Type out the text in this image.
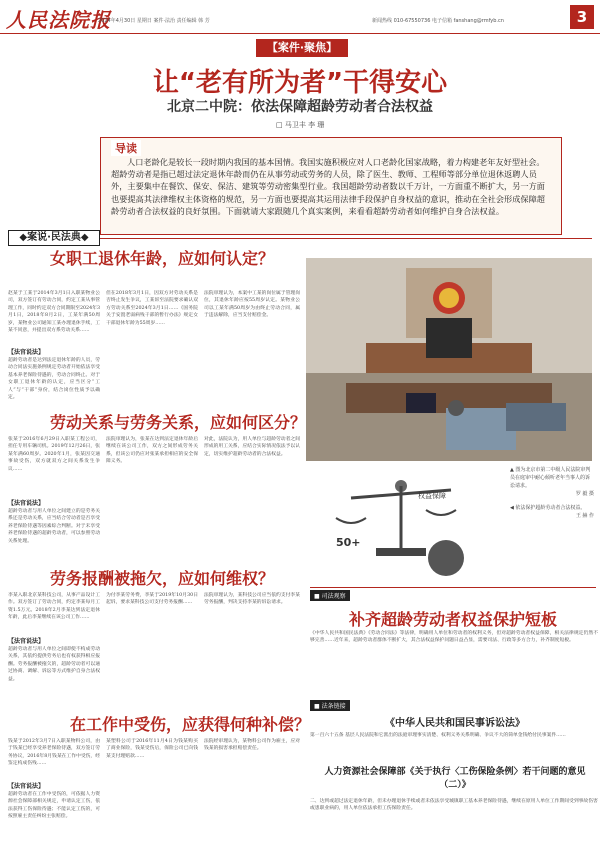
人民法院报
2024年4月30日 星期日 案件·法治 责任编辑 韩 芳	新闻热线 010-67550736 电子信箱 fanshang@rmfyb.cn	3
【案件·聚焦】
让“老有所为者”干得安心
北京二中院：依法保障超龄劳动者合法权益
□ 马卫丰 李 珊
导读
人口老龄化是较长一段时期内我国的基本国情。我国实施积极应对人口老龄化国家战略，着力构建老年友好型社会。超龄劳动者是指已超过法定退休年龄而仍在从事劳动或劳务的人员，除了医生、教师、工程师等部分单位退休返聘人员外，主要集中在餐饮、保安、保洁、建筑等劳动密集型行业。我国超龄劳动者数以千万计，一方面重不断扩大，另一方面也要提高其法律维权主体资格的规范，另一方面也要提高其运用法律手段保护自身权益的意识，推动在全社会形成保障超龄劳动者合法权益的良好氛围。下面就请大家跟随几个真实案例，来看看超龄劳动者如何维护自身合法权益。
◆案说·民法典◆
女职工退休年龄，应如何认定？
赵某于工某于2014年3月1日入职某物业公司，双方签订有劳动合同，约定工某从事管理工作，同时约定双方合同期限至2024年3月1日，2018年8月2日，工某年满50周岁，某物业公司通知工某办理退休手续，工某不同意，并提出双方系劳动关系……
【法官说法】
超龄劳动者是达到法定退休年龄的人员，劳动合同法实施条例规定劳动者开始依法享受基本养老保险待遇的，劳动合同终止。对于女职工退休年龄的认定，应当区分“工人”与“干部”身份，结合岗位性质予以确定。
但在2018年3月1日，因双方对劳动关系是否终止发生争议，工某诉至法院要求确认双方劳动关系至2024年3月1日……《国务院关于安置老弱病残干部的暂行办法》规定女干部退休年龄为55周岁……
法院审理认为，本案中工某的岗位属于管理岗位，其退休年龄应按55周岁认定。某物业公司以工某年满50周岁为由终止劳动合同，属于违法解除，应当支付赔偿金。
劳动关系与劳务关系，应如何区分？
张某于2016年6月29日入职某工程公司，担任专用车辆司机。2019年12月26日，张某年满60周岁。2020年1月，张某因交通事故受伤，双方就双方之间关系发生争议……
【法官说法】
超龄劳动者与用人单位之间建立的是劳务关系还是劳动关系，应当结合劳动者是否享受养老保险待遇等因素综合判断。对于未享受养老保险待遇的超龄劳动者，可以参照劳动关系处理。
法院审理认为，张某在达到法定退休年龄后继续在该公司工作，双方之间形成劳务关系，但该公司仍应对张某承担相应的安全保障义务。
对此，法院认为，用人单位与超龄劳动者之间形成的用工关系，应结合实际情况依法予以认定，切实维护超龄劳动者的合法权益。
劳务报酬被拖欠，应如何维权？
李某入职北京某科技公司，从事产品设计工作。双方签订了劳动合同，约定李某每月工资1.5万元。2018年2月李某达到法定退休年龄，此后李某继续在该公司工作……
【法官说法】
超龄劳动者与用人单位之间即使不构成劳动关系，其依约提供劳务后也有权获得相应报酬。劳务报酬被拖欠的，超龄劳动者可以通过协商、调解、诉讼等方式维护自身合法权益。
为付李某劳务费，李某于2019年10月30日起诉，要求某科技公司支付劳务报酬……
法院审理认为，某科技公司应当依约支付李某劳务报酬，判决支持李某的诉讼请求。
在工作中受伤，应获得何种补偿？
钱某于2012年3月7日入职某物料公司，由于钱某已经享受养老保险待遇，双方签订劳务协议，2016年8月钱某在工作中受伤，经鉴定构成伤残……
【法官说法】
超龄劳动者在工作中受伤的，可依据人力资源社会保障部相关规定，申请认定工伤，依法获得工伤保险待遇；不能认定工伤的，可按照雇主责任纠纷主张赔偿。
某塑料公司于2016年11月4日为钱某购买了商业保险，钱某受伤后，保险公司已向钱某支付理赔款……
法院经审理认为，某物料公司作为雇主，应对钱某的损害承担赔偿责任。
▲ 图为北京市第二中级人民法院审判员在庭审中耐心倾听老年当事人的诉讼请求。
罗 毅 摄
◀ 依法保护超龄劳动者合法权益。
王 赫 作
50+
权益保障
■ 司法观察
补齐超龄劳动者权益保护短板
《中华人民共和国民法典》《劳动合同法》等法律，明确用人单位和劳动者的权利义务，但对超龄劳动者权益保障，相关法律规定仍然不够完善……近年来，超龄劳动者群体不断扩大，其合法权益保护问题日益凸显，需要司法、行政等多方合力，补齐制度短板。
■ 法条链接
《中华人民共和国民事诉讼法》
第一百六十五条 基层人民法院和它派出的法庭审理事实清楚、权利义务关系明确、争议不大的简单金钱给付民事案件……
人力资源社会保障部《关于执行〈工伤保险条例〉若干问题的意见（二）》
二、达到或超过法定退休年龄，但未办理退休手续或者未依法享受城镇职工基本养老保险待遇，继续在原用人单位工作期间受到事故伤害或患职业病的，用人单位依法承担工伤保险责任。
